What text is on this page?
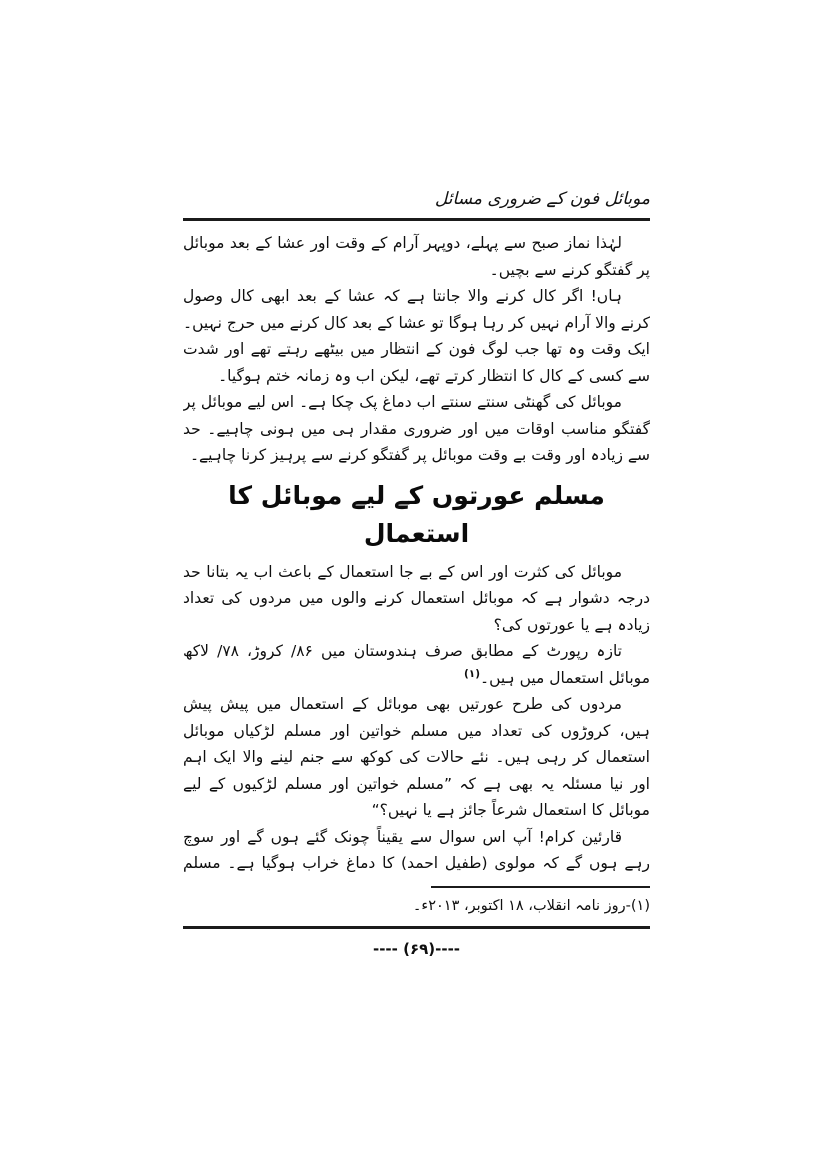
موبائل فون کے ضروری مسائل

لہٰذا نماز صبح سے پہلے، دوپہر آرام کے وقت اور عشا کے بعد موبائل پر گفتگو کرنے سے بچیں۔

ہاں! اگر کال کرنے والا جانتا ہے کہ عشا کے بعد ابھی کال وصول کرنے والا آرام نہیں کر رہا ہوگا تو عشا کے بعد کال کرنے میں حرج نہیں۔ ایک وقت وہ تھا جب لوگ فون کے انتظار میں بیٹھے رہتے تھے اور شدت سے کسی کے کال کا انتظار کرتے تھے، لیکن اب وہ زمانہ ختم ہوگیا۔

موبائل کی گھنٹی سنتے سنتے اب دماغ پک چکا ہے۔ اس لیے موبائل پر گفتگو مناسب اوقات میں اور ضروری مقدار ہی میں ہونی چاہیے۔ حد سے زیادہ اور وقت بے وقت موبائل پر گفتگو کرنے سے پرہیز کرنا چاہیے۔

مسلم عورتوں کے لیے موبائل کا استعمال

موبائل کی کثرت اور اس کے بے جا استعمال کے باعث اب یہ بتانا حد درجہ دشوار ہے کہ موبائل استعمال کرنے والوں میں مردوں کی تعداد زیادہ ہے یا عورتوں کی؟

تازہ رپورٹ کے مطابق صرف ہندوستان میں ۸۶/ کروڑ، ۷۸/ لاکھ موبائل استعمال میں ہیں۔$^{(۱)}$

مردوں کی طرح عورتیں بھی موبائل کے استعمال میں پیش پیش ہیں، کروڑوں کی تعداد میں مسلم خواتین اور مسلم لڑکیاں موبائل استعمال کر رہی ہیں۔ نئے حالات کی کوکھ سے جنم لینے والا ایک اہم اور نیا مسئلہ یہ بھی ہے کہ ”مسلم خواتین اور مسلم لڑکیوں کے لیے موبائل کا استعمال شرعاً جائز ہے یا نہیں؟“

قارئین کرام! آپ اس سوال سے یقیناً چونک گئے ہوں گے اور سوچ رہے ہوں گے کہ مولوی (طفیل احمد) کا دماغ خراب ہوگیا ہے۔ مسلم

(۱)-روز نامہ انقلاب، ۱۸ اکتوبر، ۲۰۱۳ء۔
---- (۶۹)----
